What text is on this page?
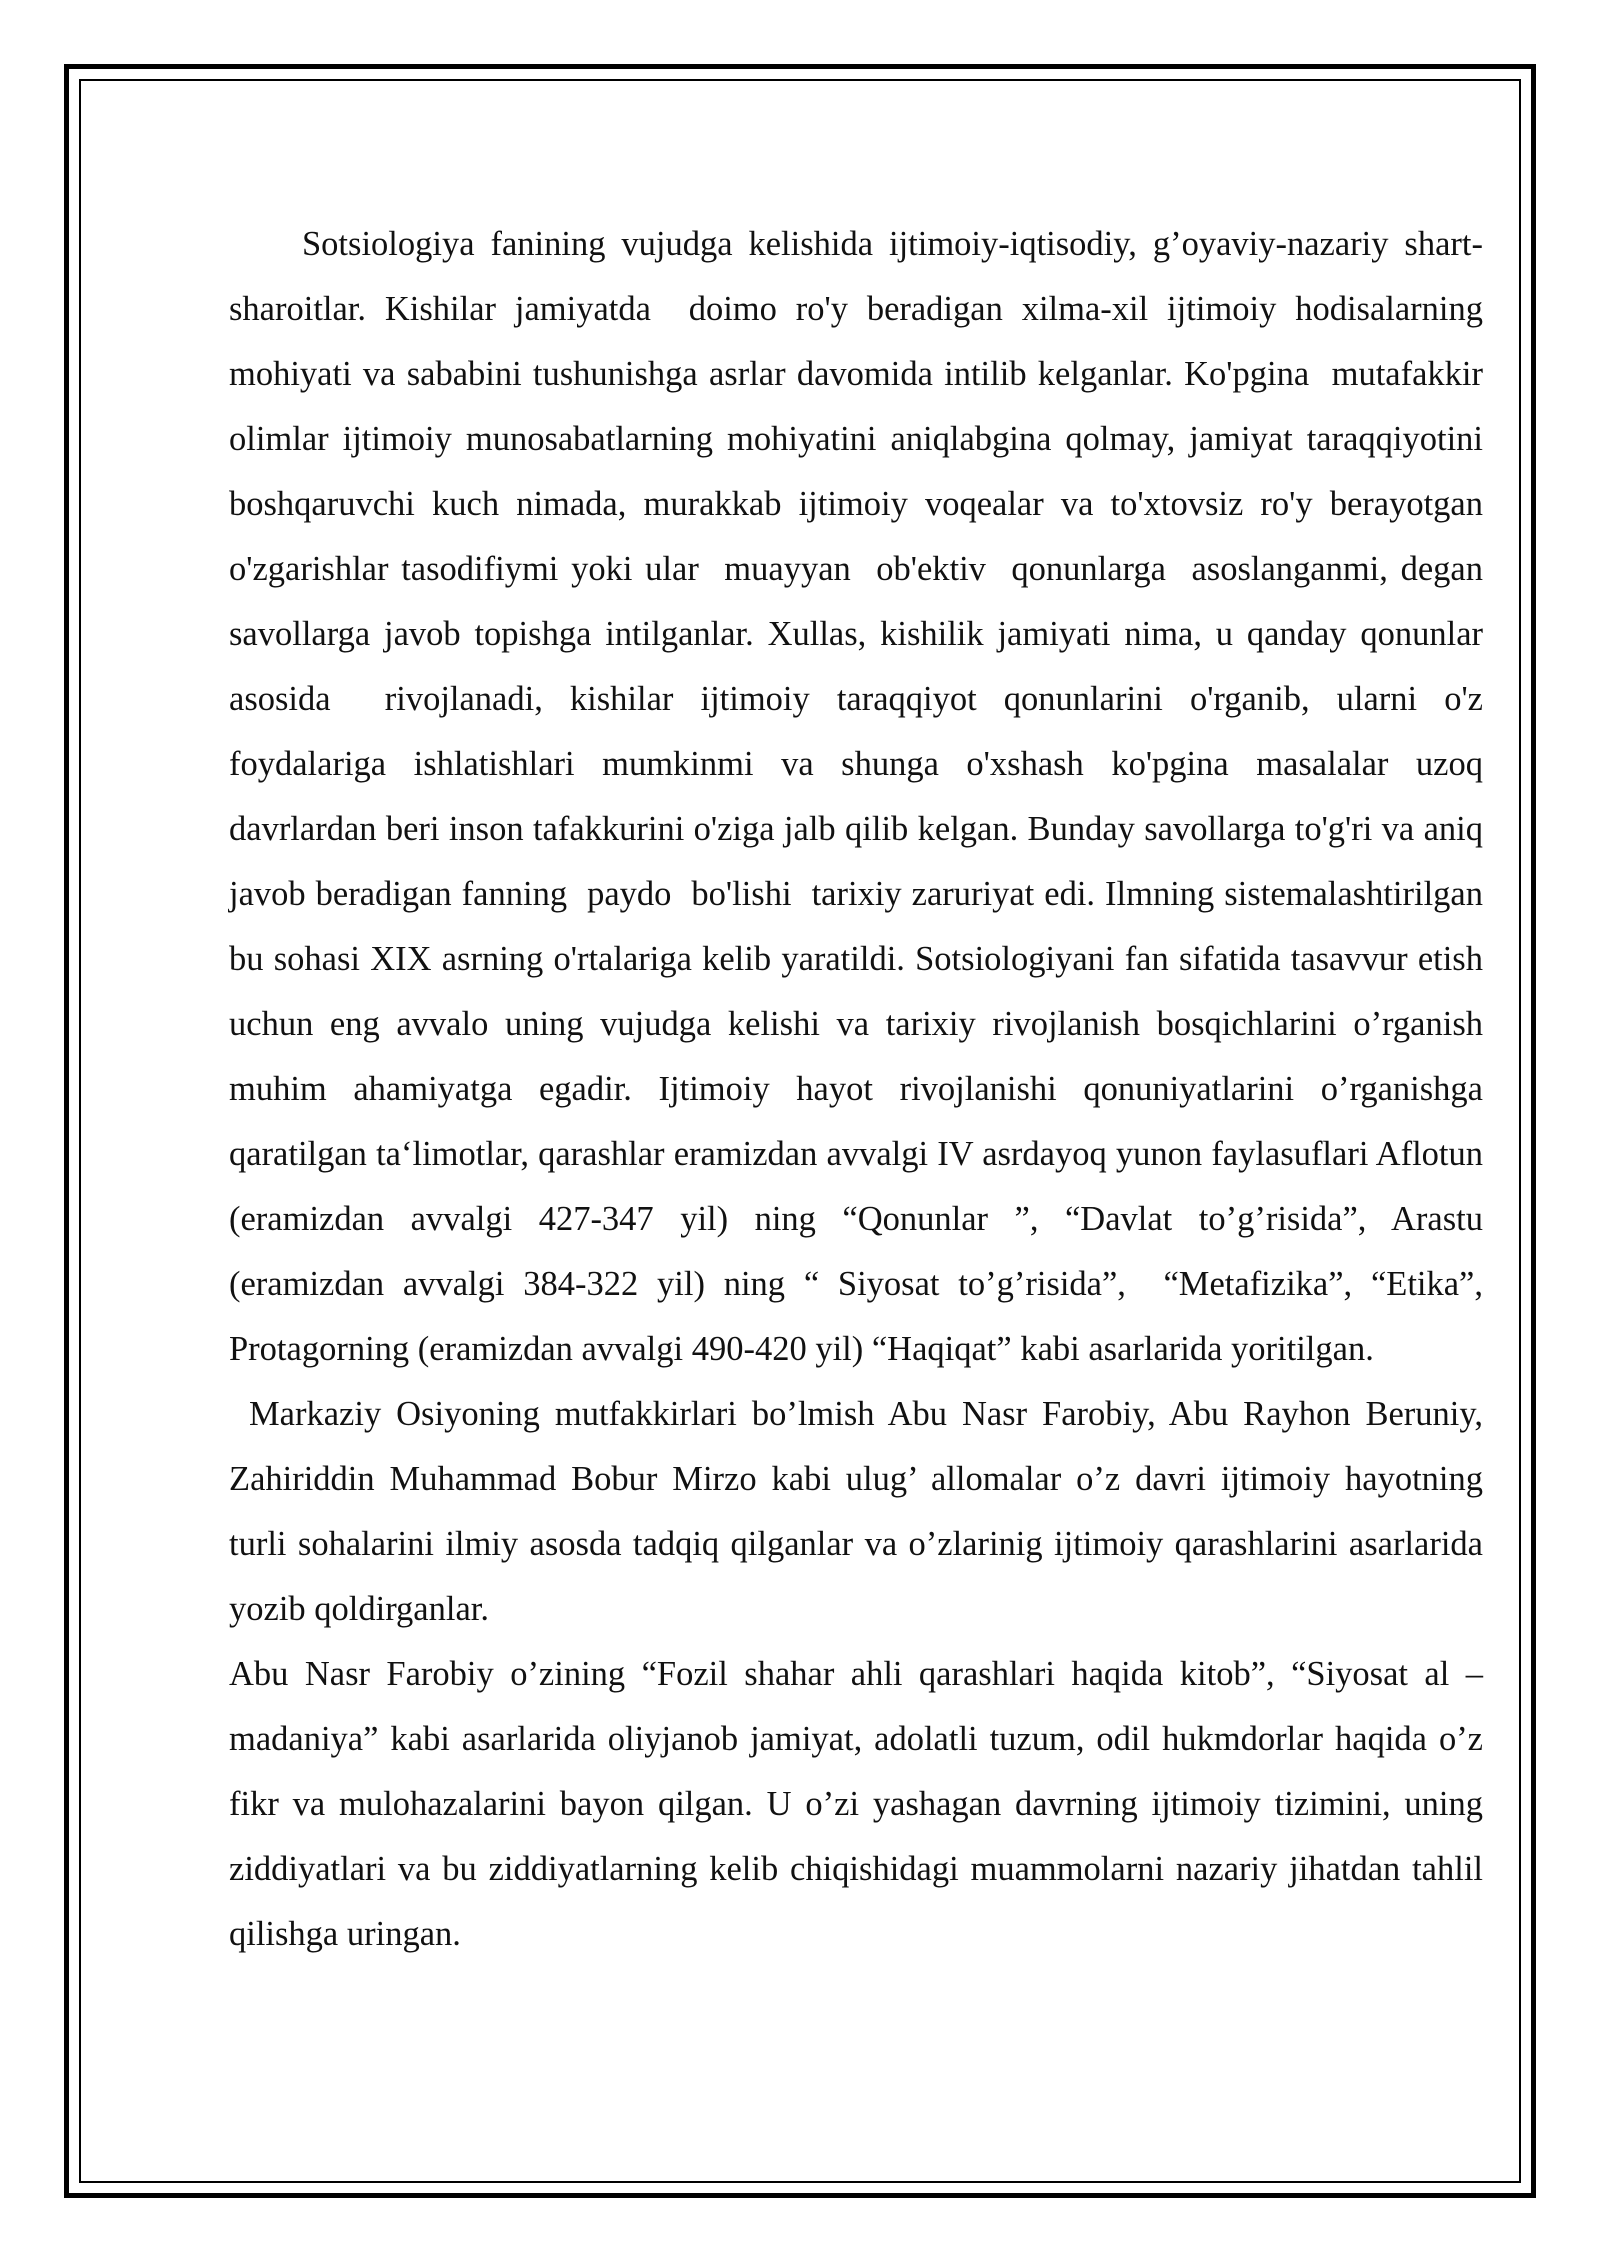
Sotsiologiya fanining vujudga kelishida ijtimoiy-iqtisodiy, g’oyaviy-nazariy shart-sharoitlar. Kishilar jamiyatda  doimo ro'y beradigan xilma-xil ijtimoiy hodisalarning mohiyati va sababini tushunishga asrlar davomida intilib kelganlar. Ko'pgina  mutafakkir olimlar ijtimoiy munosabatlarning mohiyatini aniqlabgina qolmay, jamiyat taraqqiyotini  boshqaruvchi kuch nimada, murakkab ijtimoiy voqealar va to'xtovsiz ro'y berayotgan o'zgarishlar tasodifiymi yoki ular  muayyan  ob'ektiv  qonunlarga  asoslanganmi, degan savollarga javob topishga intilganlar. Xullas, kishilik jamiyati nima, u qanday qonunlar asosida  rivojlanadi, kishilar ijtimoiy taraqqiyot qonunlarini o'rganib, ularni o'z  foydalariga ishlatishlari mumkinmi va shunga o'xshash ko'pgina masalalar uzoq  davrlardan beri inson tafakkurini o'ziga jalb qilib kelgan. Bunday savollarga to'g'ri va aniq javob beradigan fanning  paydo  bo'lishi  tarixiy zaruriyat edi. Ilmning sistemalashtirilgan bu sohasi XIX asrning o'rtalariga kelib yaratildi. Sotsiologiyani fan sifatida tasavvur etish uchun eng avvalo uning vujudga kelishi va tarixiy rivojlanish bosqichlarini o’rganish muhim ahamiyatga egadir. Ijtimoiy hayot rivojlanishi qonuniyatlarini o’rganishga qaratilgan ta‘limotlar, qarashlar eramizdan avvalgi IV asrdayoq yunon faylasuflari Aflotun (eramizdan avvalgi 427-347 yil) ning “Qonunlar ”, “Davlat to’g’risida”, Arastu (eramizdan avvalgi 384-322 yil) ning “ Siyosat to’g’risida”,  “Metafizika”, “Etika”, Protagorning (eramizdan avvalgi 490-420 yil) “Haqiqat” kabi asarlarida yoritilgan.

Markaziy Osiyoning mutfakkirlari bo’lmish Abu Nasr Farobiy, Abu Rayhon Beruniy, Zahiriddin Muhammad Bobur Mirzo kabi ulug’ allomalar o’z davri ijtimoiy hayotning turli sohalarini ilmiy asosda tadqiq qilganlar va o’zlarinig ijtimoiy qarashlarini asarlarida yozib qoldirganlar.

Abu Nasr Farobiy o’zining “Fozil shahar ahli qarashlari haqida kitob”, “Siyosat al – madaniya” kabi asarlarida oliyjanob jamiyat, adolatli tuzum, odil hukmdorlar haqida o’z fikr va mulohazalarini bayon qilgan. U o’zi yashagan davrning ijtimoiy tizimini, uning ziddiyatlari va bu ziddiyatlarning kelib chiqishidagi muammolarni nazariy jihatdan tahlil qilishga uringan.
